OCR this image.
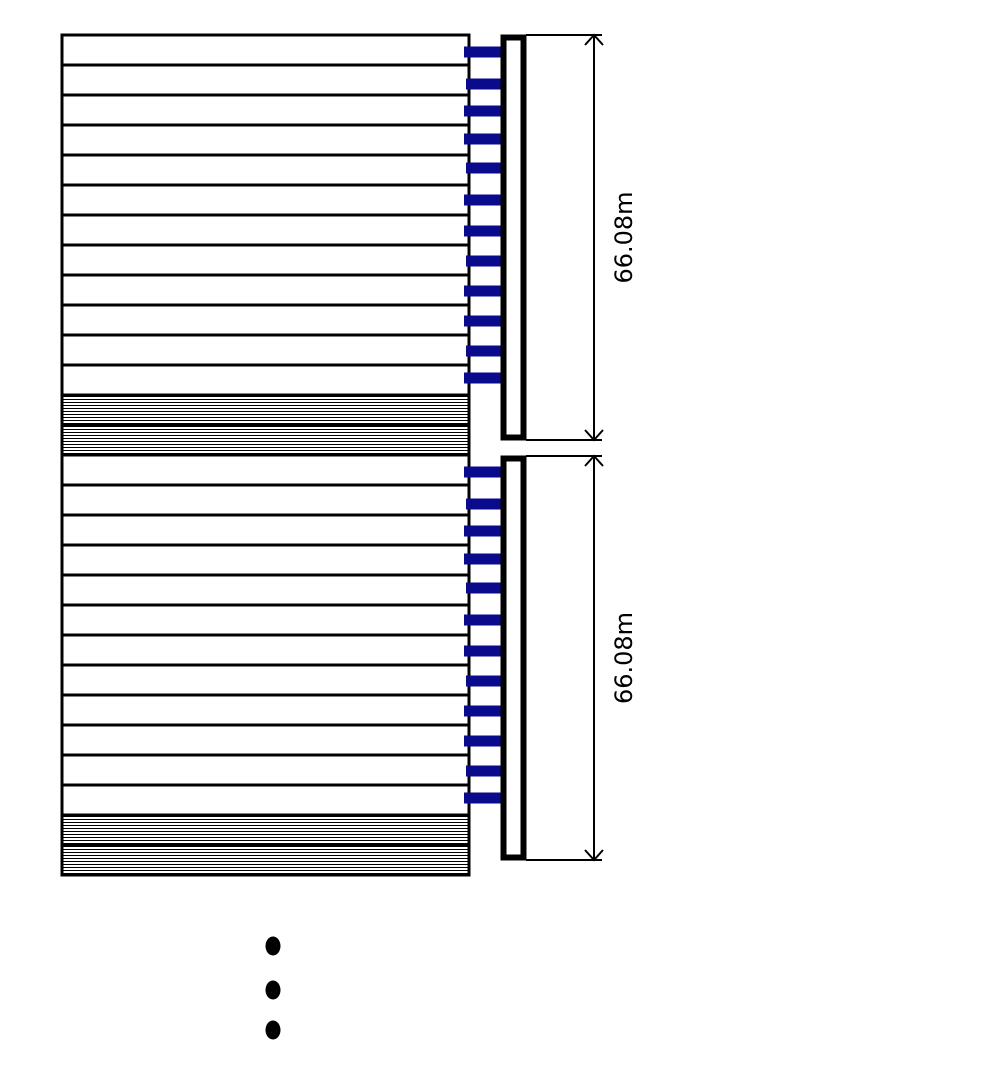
66.08m
66.08m
